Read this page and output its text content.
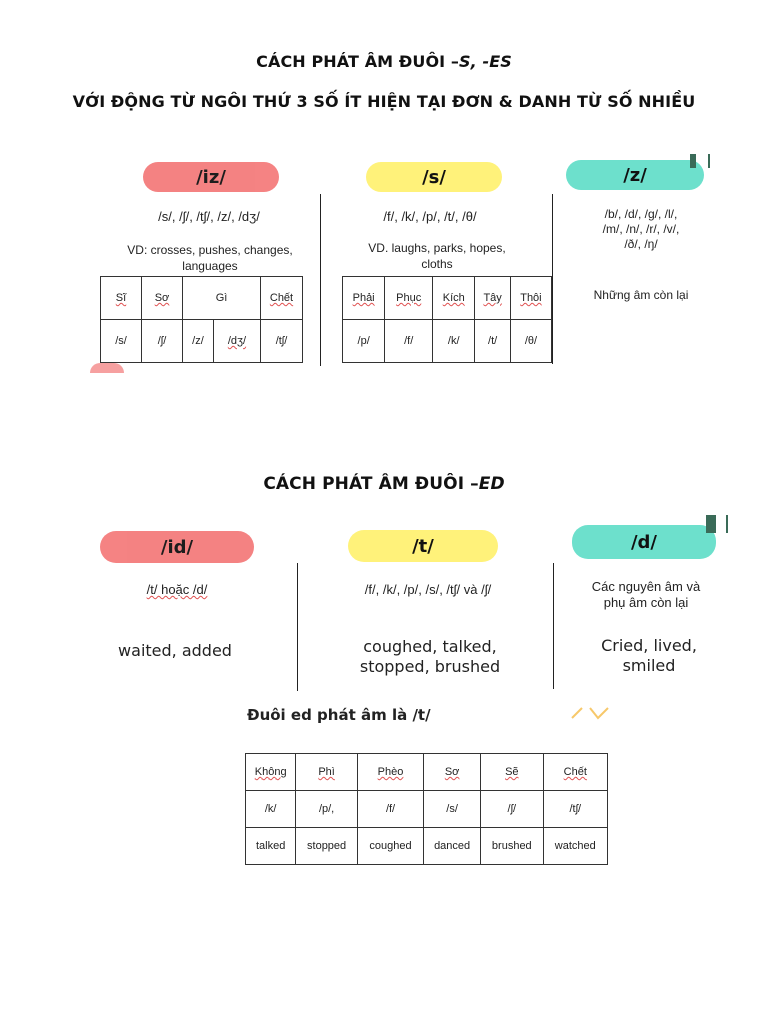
CÁCH PHÁT ÂM ĐUÔI –S, -ES
VỚI ĐỘNG TỪ NGÔI THỨ 3 SỐ ÍT HIỆN TẠI ĐƠN & DANH TỪ SỐ NHIỀU
/iz/
/s/, /ʃ/, /tʃ/, /z/, /dʒ/
VD: crosses, pushes, changes, languages
Sĩ	Sơ	Gì		Chết
/s/	/ʃ/	/z/	/dʒ/	/tʃ/
/s/
/f/, /k/, /p/, /t/, /θ/
VD. laughs, parks, hopes, cloths
Phải	Phục	Kích	Tây	Thôi
/p/	/f/	/k/	/t/	/θ/
/z/
/b/, /d/, /g/, /l/,
/m/, /n/, /r/, /v/,
/ð/, /ŋ/
Những âm còn lại
CÁCH PHÁT ÂM ĐUÔI –ED
/id/
/t/ hoặc /d/
waited, added
/t/
/f/, /k/, /p/, /s/, /tʃ/ và /ʃ/
coughed, talked,
stopped, brushed
/d/
Các nguyên âm và
phụ âm còn lại
Cried, lived, smiled
Đuôi ed phát âm là /t/
Không	Phì	Phèo	Sơ	Sẽ	Chết
/k/	/p/,	/f/	/s/	/ʃ/	/tʃ/
talked	stopped	coughed	danced	brushed	watched
